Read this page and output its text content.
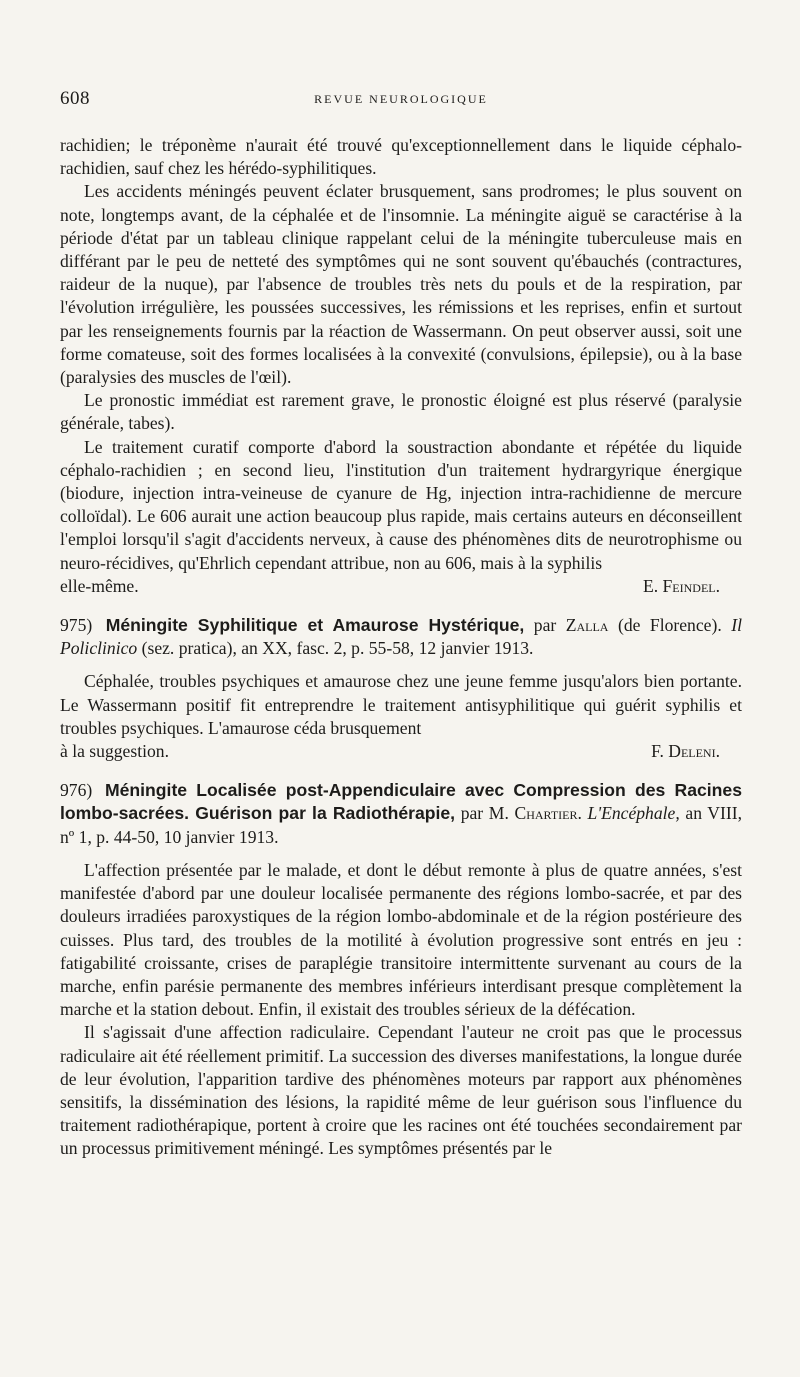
608	REVUE NEUROLOGIQUE

rachidien; le tréponème n'aurait été trouvé qu'exceptionnellement dans le liquide céphalo-rachidien, sauf chez les hérédo-syphilitiques.

Les accidents méningés peuvent éclater brusquement, sans prodromes; le plus souvent on note, longtemps avant, de la céphalée et de l'insomnie. La méningite aiguë se caractérise à la période d'état par un tableau clinique rappelant celui de la méningite tuberculeuse mais en différant par le peu de netteté des symptômes qui ne sont souvent qu'ébauchés (contractures, raideur de la nuque), par l'absence de troubles très nets du pouls et de la respiration, par l'évolution irrégulière, les poussées successives, les rémissions et les reprises, enfin et surtout par les renseignements fournis par la réaction de Wassermann. On peut observer aussi, soit une forme comateuse, soit des formes localisées à la convexité (convulsions, épilepsie), ou à la base (paralysies des muscles de l'œil).

Le pronostic immédiat est rarement grave, le pronostic éloigné est plus réservé (paralysie générale, tabes).

Le traitement curatif comporte d'abord la soustraction abondante et répétée du liquide céphalo-rachidien ; en second lieu, l'institution d'un traitement hydrargyrique énergique (biodure, injection intra-veineuse de cyanure de Hg, injection intra-rachidienne de mercure colloïdal). Le 606 aurait une action beaucoup plus rapide, mais certains auteurs en déconseillent l'emploi lorsqu'il s'agit d'accidents nerveux, à cause des phénomènes dits de neurotrophisme ou neuro-récidives, qu'Ehrlich cependant attribue, non au 606, mais à la syphilis

elle-même.	E. Feindel.
975) Méningite Syphilitique et Amaurose Hystérique, par Zalla (de Florence). Il Policlinico (sez. pratica), an XX, fasc. 2, p. 55-58, 12 janvier 1913.

Céphalée, troubles psychiques et amaurose chez une jeune femme jusqu'alors bien portante. Le Wassermann positif fit entreprendre le traitement antisyphilitique qui guérit syphilis et troubles psychiques. L'amaurose céda brusquement

à la suggestion.	F. Deleni.
976) Méningite Localisée post-Appendiculaire avec Compression des Racines lombo-sacrées. Guérison par la Radiothérapie, par M. Chartier. L'Encéphale, an VIII, nº 1, p. 44-50, 10 janvier 1913.

L'affection présentée par le malade, et dont le début remonte à plus de quatre années, s'est manifestée d'abord par une douleur localisée permanente des régions lombo-sacrée, et par des douleurs irradiées paroxystiques de la région lombo-abdominale et de la région postérieure des cuisses. Plus tard, des troubles de la motilité à évolution progressive sont entrés en jeu : fatigabilité croissante, crises de paraplégie transitoire intermittente survenant au cours de la marche, enfin parésie permanente des membres inférieurs interdisant presque complètement la marche et la station debout. Enfin, il existait des troubles sérieux de la défécation.

Il s'agissait d'une affection radiculaire. Cependant l'auteur ne croit pas que le processus radiculaire ait été réellement primitif. La succession des diverses manifestations, la longue durée de leur évolution, l'apparition tardive des phénomènes moteurs par rapport aux phénomènes sensitifs, la dissémination des lésions, la rapidité même de leur guérison sous l'influence du traitement radiothérapique, portent à croire que les racines ont été touchées secondairement par un processus primitivement méningé. Les symptômes présentés par le
